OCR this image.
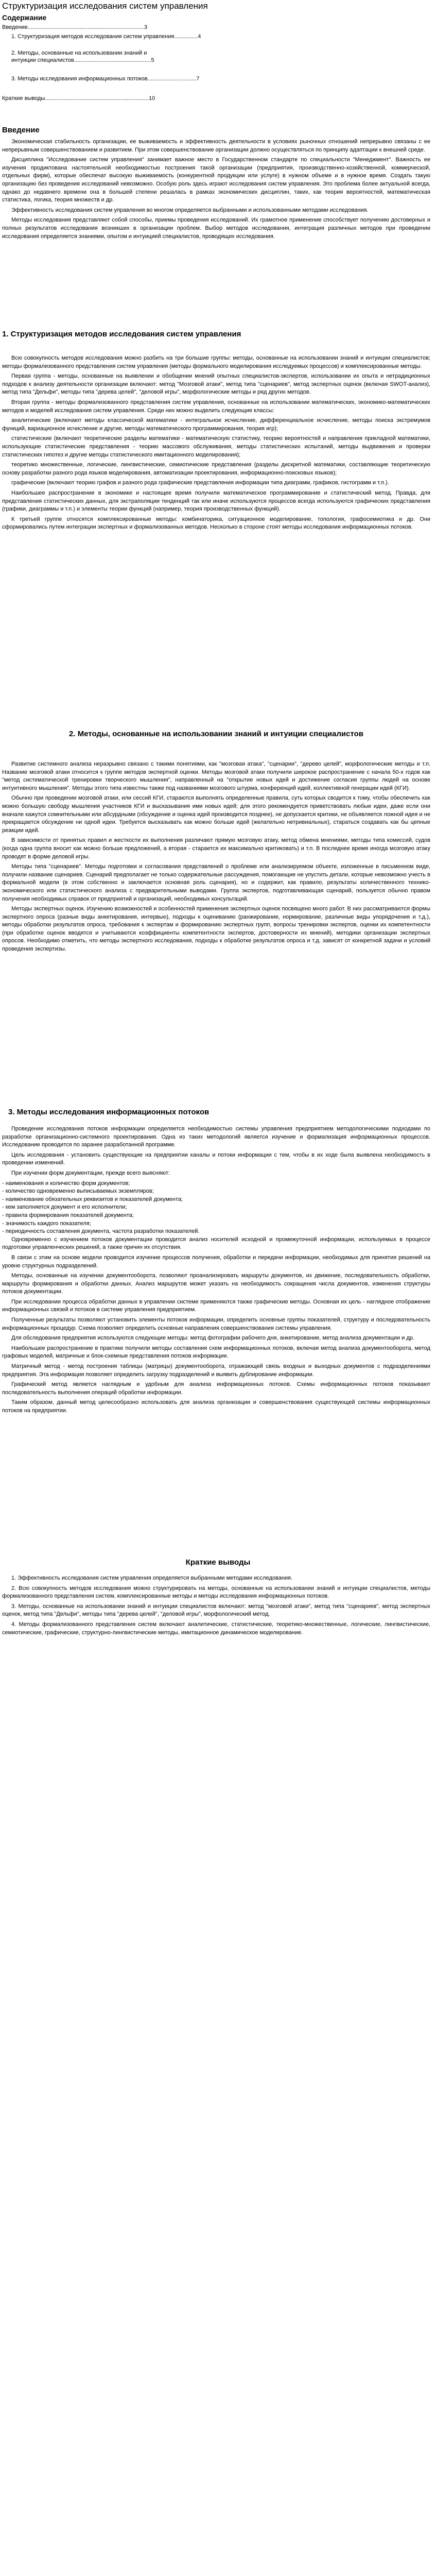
Структуризация исследования систем управления
Содержание
Введение..........................................................................3
1. Структуризация методов исследования систем управления...............4
2. Методы, основанные на использовании знаний и интуиции специалистов.................................................5
3. Методы исследования информационных потоков...............................7
Краткие выводы..................................................................10
Введение

Экономическая стабильность организации, ее выживаемость и эффективность деятельности в условиях рыночных отношений непрерывно связаны с ее непрерывным совершенствованием и развитием. При этом совершенствование организации должно осуществляться по принципу адаптации к внешней среде.

Дисциплина "Исследование систем управления" занимает важное место в Государственном стандарте по специальности "Менеджмент". Важность ее изучения продиктована настоятельной необходимостью построения такой организации (предприятия, производственно-хозяйственной, коммерческой, отдельных фирм), которые обеспечат высокую выживаемость (конкурентной продукции или услуге) в нужном объеме и в нужное время. Создать такую организацию без проведения исследований невозможно. Особую роль здесь играют исследования систем управления. Это проблема более актуальной всегда, однако до недавнего времени она в большей степени решалась в рамках экономических дисциплин, таких, как теория вероятностей, математическая статистика, логика, теория множеств и др.

Эффективность исследования систем управления во многом определяется выбранными и использованными методами исследования.

Методы исследования представляют собой способы, приемы проведения исследований. Их грамотное применение способствует получению достоверных и полных результатов исследования возникших в организации проблем. Выбор методов исследования, интеграция различных методов при проведении исследования определяется знаниями, опытом и интуицией специалистов, проводящих исследования.

1. Структуризация методов исследования систем управления

Всю совокупность методов исследования можно разбить на три большие группы: методы, основанные на использовании знаний и интуиции специалистов; методы формализованного представления систем управления (методы формального моделирования исследуемых процессов) и комплексированные методы.

Первая группа - методы, основанные на выявлении и обобщении мнений опытных специалистов-экспертов, использовании их опыта и нетрадиционных подходов к анализу деятельности организации включают: метод "Мозговой атаки", метод типа "сценариев", метод экспертных оценок (включая SWOT-анализ), метод типа "Дельфи", методы типа "дерева целей", "деловой игры", морфологические методы и ряд других методов.

Вторая группа - методы формализованного представления систем управления, основанные на использовании математических, экономико-математических методов и моделей исследования систем управления. Среди них можно выделить следующие классы:

аналитические (включают методы классической математики - интегральное исчисление, дифференциальное исчисление, методы поиска экстремумов функций, вариационное исчисление и другие, методы математического программирования, теория игр);

статистические (включают теоретические разделы математики - математическую статистику, теорию вероятностей и направления прикладной математики, использующие статистические представления - теорию массового обслуживания, методы статистических испытаний, методы выдвижения и проверки статистических гипотез и другие методы статистического имитационного моделирования);

теоретико множественные, логические, лингвистические, семиотические представления (разделы дискретной математики, составляющие теоретическую основу разработки разного рода языков моделирования, автоматизации проектирования, информационно-поисковых языков);

графические (включают теорию графов и разного рода графические представления информации типа диаграмм, графиков, гистограмм и т.п.).

Наибольшее распространение в экономике и настоящее время получили математическое программирование и статистический метод. Правда, для представления статистических данных, для экстраполяции тенденций так или иначе используются процессов всегда используются графических представления (графики, диаграммы и т.п.) и элементы теории функций (например, теория производственных функций).

К третьей группе относятся комплексированные методы: комбинаторика, ситуационное моделирование, топология, графосемиотика и др. Они сформировались путем интеграции экспертных и формализованных методов. Несколько в стороне стоят методы исследования информационных потоков.

2. Методы, основанные на использовании знаний и интуиции специалистов

Развитие системного анализа неразрывно связано с такими понятиями, как "мозговая атака", "сценарии", "дерево целей", морфологические методы и т.п. Название мозговой атаки относится к группе методов экспертной оценки. Методы мозговой атаки получили широкое распространение с начала 50-х годов как "метод систематической тренировки творческого мышления", направленный на "открытие новых идей и достижение согласия группы людей на основе интуитивного мышления". Методы этого типа известны также под названиями мозгового штурма, конференций идей, коллективной генерации идей (КГИ).

Обычно при проведении мозговой атаки, или сессий КГИ, стараются выполнять определенные правила, суть которых сводится к тому, чтобы обеспечить как можно большую свободу мышления участников КГИ и высказывания ими новых идей; для этого рекомендуется приветствовать любые идеи, даже если они вначале кажутся сомнительными или абсурдными (обсуждение и оценка идей производится позднее), не допускается критики, не объявляется ложной идея и не прекращается обсуждение ни одной идеи. Требуется высказывать как можно больше идей (желательно нетривиальных), стараться создавать как бы цепные реакции идей.

В зависимости от принятых правил и жесткости их выполнения различают прямую мозговую атаку, метод обмена мнениями, методы типа комиссий, судов (когда одна группа вносит как можно больше предложений, а вторая - старается их максимально критиковать) и т.п. В последнее время иногда мозговую атаку проводят в форме деловой игры.

Методы типа "сценариев". Методы подготовки и согласования представлений о проблеме или анализируемом объекте, изложенные в письменном виде, получили название сценариев. Сценарий предполагает не только содержательные рассуждения, помогающие не упустить детали, которые невозможно учесть в формальной модели (в этом собственно и заключается основная роль сценария), но и содержит, как правило, результаты количественного технико-экономического или статистического анализа с предварительными выводами. Группа экспертов, подготавливающая сценарий, пользуется обычно правом получения необходимых справок от предприятий и организаций, необходимых консультаций.

Методы экспертных оценок. Изучению возможностей и особенностей применения экспертных оценок посвящено много работ. В них рассматриваются формы экспертного опроса (разные виды анкетирования, интервью), подходы к оцениванию (ранжирование, нормирование, различные виды упорядочения и т.д.), методы обработки результатов опроса, требования к экспертам и формированию экспертных групп, вопросы тренировки экспертов, оценки их компетентности (при обработке оценок вводятся и учитываются коэффициенты компетентности экспертов, достоверности их мнений), методики организации экспертных опросов. Необходимо отметить, что методы экспертного исследования, подходы к обработке результатов опроса и т.д. зависят от конкретной задачи и условий проведения экспертизы.

3. Методы исследования информационных потоков

Проведение исследования потоков информации определяется необходимостью системы управления предприятием методологическими подходами по разработке организационно-системного проектирования. Одна из таких методологий является изучение и формализация информационных процессов. Исследование проводится по заранее разработанной программе.

Цель исследования - установить существующие на предприятии каналы и потоки информации с тем, чтобы в их ходе была выявлена необходимость в проведении изменений.

При изучении форм документации, прежде всего выясняют:

- наименования и количество форм документов;
- количество одновременно выписываемых экземпляров;
- наименование обязательных реквизитов и показателей документа;
- кем заполняется документ и его исполнители;
- правила формирования показателей документа;
- значимость каждого показателя;
- периодичность составления документа, частота разработки показателей.

Одновременно с изучением потоков документации проводится анализ носителей исходной и промежуточной информации, используемых в процессе подготовки управленческих решений, а также причин их отсутствия.

В связи с этим на основе модели проводится изучение процессов получения, обработки и передачи информации, необходимых для принятия решений на уровне структурных подразделений.

Методы, основанные на изучении документооборота, позволяют проанализировать маршруты документов, их движение, последовательность обработки, маршруты формирования и обработки данных. Анализ маршрутов может указать на необходимость сокращения числа документов, изменения структуры потоков документации.

При исследовании процесса обработки данных в управлении системе применяются также графические методы. Основная их цель - наглядное отображение информационных связей и потоков в системе управления предприятием.

Полученные результаты позволяют установить элементы потоков информации, определить основные группы показателей, структуру и последовательность информационных процедур. Схема позволяет определить основные направления совершенствования системы управления.

Для обследования предприятия используются следующие методы: метод фотографии рабочего дня, анкетирование, метод анализа документации и др.

Наибольшее распространение в практике получили методы составления схем информационных потоков, включая метод анализа документооборота, метод графовых моделей, матричные и блок-схемные представления потоков информации.

Матричный метод - метод построения таблицы (матрицы) документооборота, отражающей связь входных и выходных документов с подразделениями предприятия. Эта информация позволяет определить загрузку подразделений и выявить дублирование информации.

Графический метод является наглядным и удобным для анализа информационных потоков. Схемы информационных потоков показывают последовательность выполнения операций обработки информации.

Таким образом, данный метод целесообразно использовать для анализа организации и совершенствования существующей системы информационных потоков на предприятии.

Краткие выводы

1. Эффективность исследования систем управления определяется выбранными методами исследования.

2. Всю совокупность методов исследования можно структурировать на методы, основанные на использовании знаний и интуиции специалистов, методы формализованного представления систем, комплексированные методы и методы исследования информационных потоков.

3. Методы, основанные на использовании знаний и интуиции специалистов включают: метод "мозговой атаки", метод типа "сценариев", метод экспертных оценок, метод типа "Дельфи", методы типа "дерева целей", "деловой игры", морфологический метод.

4. Методы формализованного представления систем включают аналитические, статистические, теоретико-множественные, логические, лингвистические, семиотические, графические, структурно-лингвистические методы, имитационное динамическое моделирование.
